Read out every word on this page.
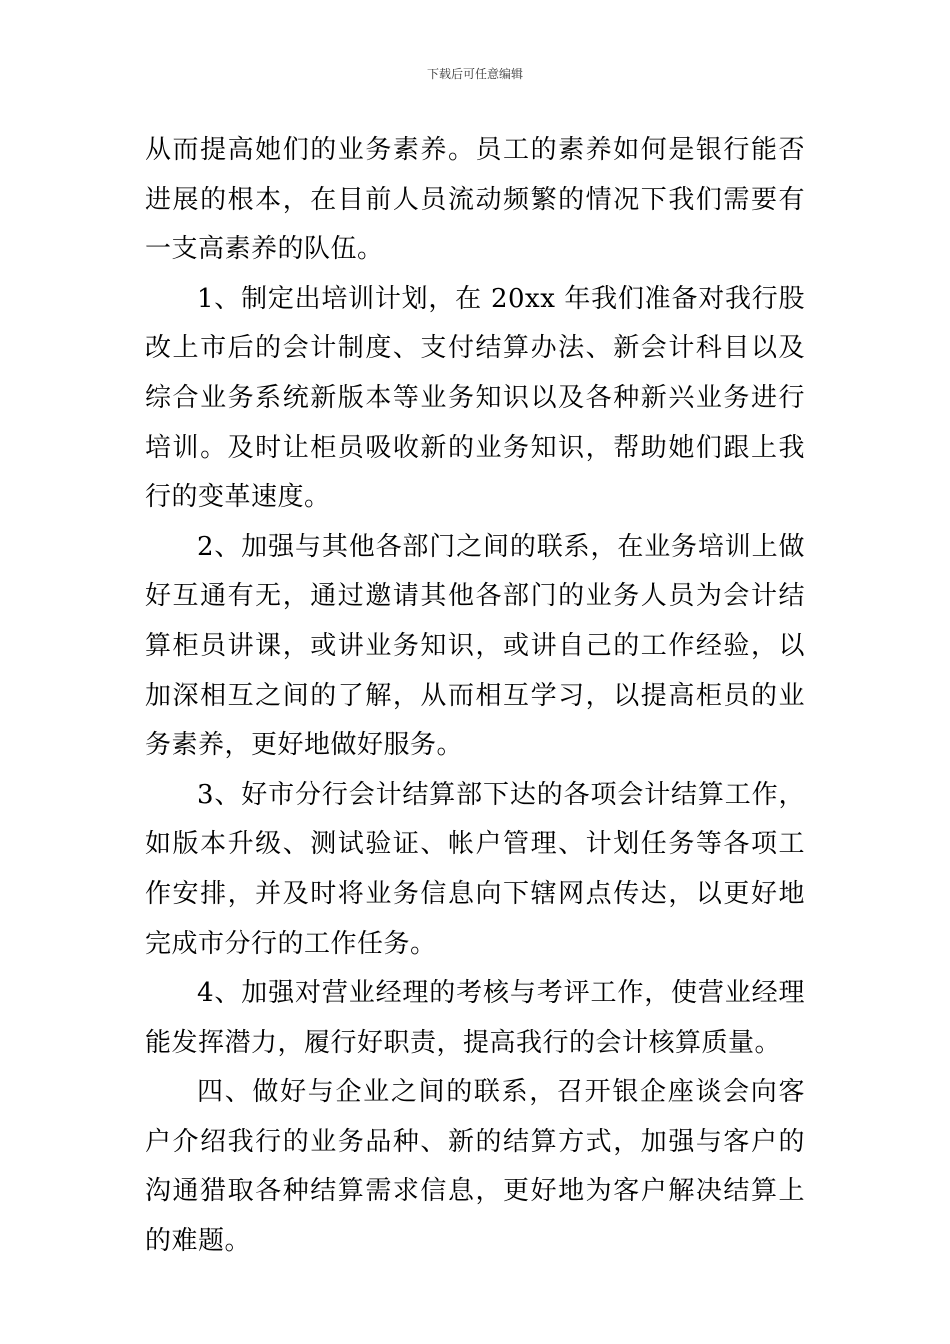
下载后可任意编辑

从而提高她们的业务素养。员工的素养如何是银行能否进展的根本，在目前人员流动频繁的情况下我们需要有一支高素养的队伍。

1、制定出培训计划，在 20xx 年我们准备对我行股改上市后的会计制度、支付结算办法、新会计科目以及综合业务系统新版本等业务知识以及各种新兴业务进行培训。及时让柜员吸收新的业务知识，帮助她们跟上我行的变革速度。

2、加强与其他各部门之间的联系，在业务培训上做好互通有无，通过邀请其他各部门的业务人员为会计结算柜员讲课，或讲业务知识，或讲自己的工作经验，以加深相互之间的了解，从而相互学习，以提高柜员的业务素养，更好地做好服务。

3、好市分行会计结算部下达的各项会计结算工作，如版本升级、测试验证、帐户管理、计划任务等各项工作安排，并及时将业务信息向下辖网点传达，以更好地完成市分行的工作任务。

4、加强对营业经理的考核与考评工作，使营业经理能发挥潜力，履行好职责，提高我行的会计核算质量。

四、做好与企业之间的联系，召开银企座谈会向客户介绍我行的业务品种、新的结算方式，加强与客户的沟通猎取各种结算需求信息，更好地为客户解决结算上的难题。
